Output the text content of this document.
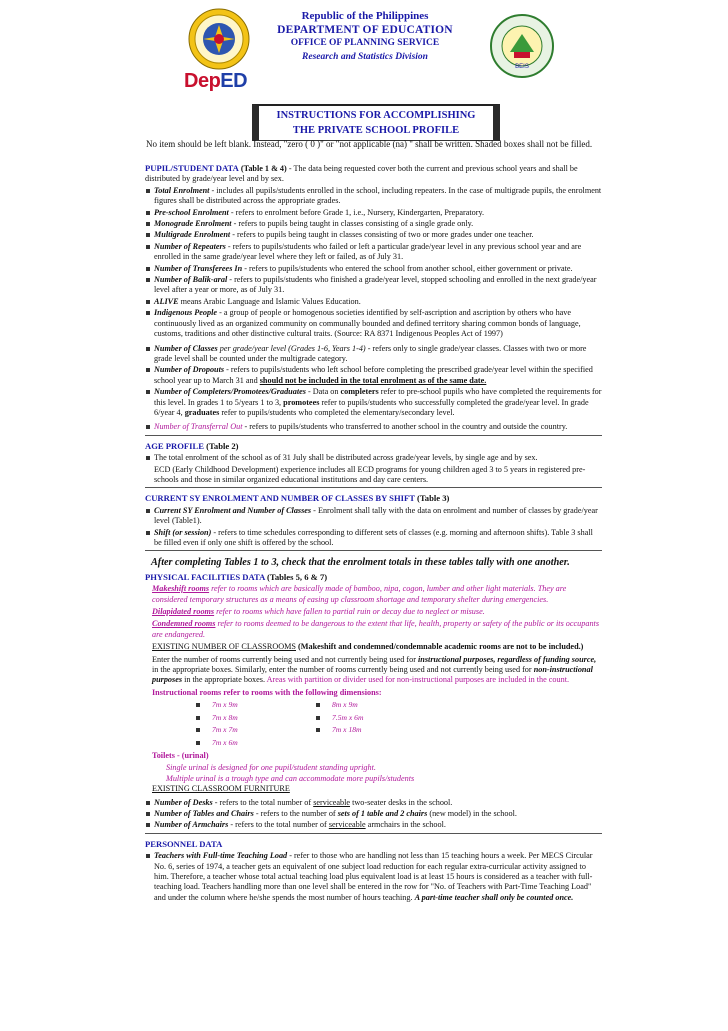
DepED
Republic of the Philippines
DEPARTMENT OF EDUCATION
OFFICE OF PLANNING SERVICE
Research and Statistics Division
BEIS
INSTRUCTIONS FOR ACCOMPLISHING
THE PRIVATE SCHOOL PROFILE
No item should be left blank. Instead, "zero ( 0 )" or "not applicable (na) " shall be written. Shaded boxes shall not be filled.

PUPIL/STUDENT DATA (Table 1 & 4) - The data being requested cover both the current and previous school years and shall be distributed by grade/year level and by sex.

Total Enrolment - includes all pupils/students enrolled in the school, including repeaters. In the case of multigrade pupils, the enrolment figures shall be distributed across the appropriate grades.
Pre-school Enrolment - refers to enrolment before Grade 1, i.e., Nursery, Kindergarten, Preparatory.
Monograde Enrolment - refers to pupils being taught in classes consisting of a single grade only.
Multigrade Enrolment - refers to pupils being taught in classes consisting of two or more grades under one teacher.
Number of Repeaters - refers to pupils/students who failed or left a particular grade/year level in any previous school year and are enrolled in the same grade/year level where they left or failed, as of July 31.
Number of Transferees In - refers to pupils/students who entered the school from another school, either government or private.
Number of Balik-aral - refers to pupils/students who finished a grade/year level, stopped schooling and enrolled in the next grade/year level after a year or more, as of July 31.
ALIVE means Arabic Language and Islamic Values Education.
Indigenous People - a group of people or homogenous societies identified by self-ascription and ascription by others who have continuously lived as an organized community on communally bounded and defined territory sharing common bonds of language, customs, traditions and other distinctive cultural traits. (Source: RA 8371 Indigenous Peoples Act of 1997)
Number of Classes per grade/year level (Grades 1-6, Years 1-4) - refers only to single grade/year classes. Classes with two or more grade level shall be counted under the multigrade category.
Number of Dropouts - refers to pupils/students who left school before completing the prescribed grade/year level within the specified school year up to March 31 and should not be included in the total enrolment as of the same date.
Number of Completers/Promotees/Graduates - Data on completers refer to pre-school pupils who have completed the requirements for this level. In grades 1 to 5/years 1 to 3, promotees refer to pupils/students who successfully completed the grade/year level. In grade 6/year 4, graduates refer to pupils/students who completed the elementary/secondary level.
Number of Transferral Out - refers to pupils/students who transferred to another school in the country and outside the country.
AGE PROFILE (Table 2)
The total enrolment of the school as of 31 July shall be distributed across grade/year levels, by single age and by sex.

ECD (Early Childhood Development) experience includes all ECD programs for young children aged 3 to 5 years in registered pre-schools and those in similar organized educational institutions and day care centers.

CURRENT SY ENROLMENT AND NUMBER OF CLASSES BY SHIFT (Table 3)
Current SY Enrolment and Number of Classes - Enrolment shall tally with the data on enrolment and number of classes by grade/year level (Table1).
Shift (or session) - refers to time schedules corresponding to different sets of classes (e.g. morning and afternoon shifts). Table 3 shall be filled even if only one shift is offered by the school.
After completing Tables 1 to 3, check that the enrolment totals in these tables tally with one another.
PHYSICAL FACILITIES DATA (Tables 5, 6 & 7)

Makeshift rooms refer to rooms which are basically made of bamboo, nipa, cogon, lumber and other light materials. They are considered temporary structures as a means of easing up classroom shortage and temporary shelter during emergencies.

Dilapidated rooms refer to rooms which have fallen to partial ruin or decay due to neglect or misuse.

Condemned rooms refer to rooms deemed to be dangerous to the extent that life, health, property or safety of the public or its occupants are endangered.

EXISTING NUMBER OF CLASSROOMS (Makeshift and condemned/condemnable academic rooms are not to be included.)

Enter the number of rooms currently being used and not currently being used for instructional purposes, regardless of funding source, in the appropriate boxes. Similarly, enter the number of rooms currently being used and not currently being used for non-instructional purposes in the appropriate boxes. Areas with partition or divider used for non-instructional purposes are included in the count.

Instructional rooms refer to rooms with the following dimensions:

7m x 9m	8m x 9m
7m x 8m	7.5m x 6m
7m x 7m	7m x 18m
7m x 6m

Toilets - (urinal)

Single urinal is designed for one pupil/student standing upright.

Multiple urinal is a trough type and can accommodate more pupils/students

EXISTING CLASSROOM FURNITURE

Number of Desks - refers to the total number of serviceable two-seater desks in the school.
Number of Tables and Chairs - refers to the number of sets of 1 table and 2 chairs (new model) in the school.
Number of Armchairs - refers to the total number of serviceable armchairs in the school.
PERSONNEL DATA
Teachers with Full-time Teaching Load - refer to those who are handling not less than 15 teaching hours a week. Per MECS Circular No. 6, series of 1974, a teacher gets an equivalent of one subject load reduction for each regular extra-curricular activity assigned to him. Therefore, a teacher whose total actual teaching load plus equivalent load is at least 15 hours is considered as a teacher with full-teaching load. Teachers handling more than one level shall be entered in the row for "No. of Teachers with Part-Time Teaching Load" and under the column where he/she spends the most number of hours teaching. A part-time teacher shall only be counted once.
